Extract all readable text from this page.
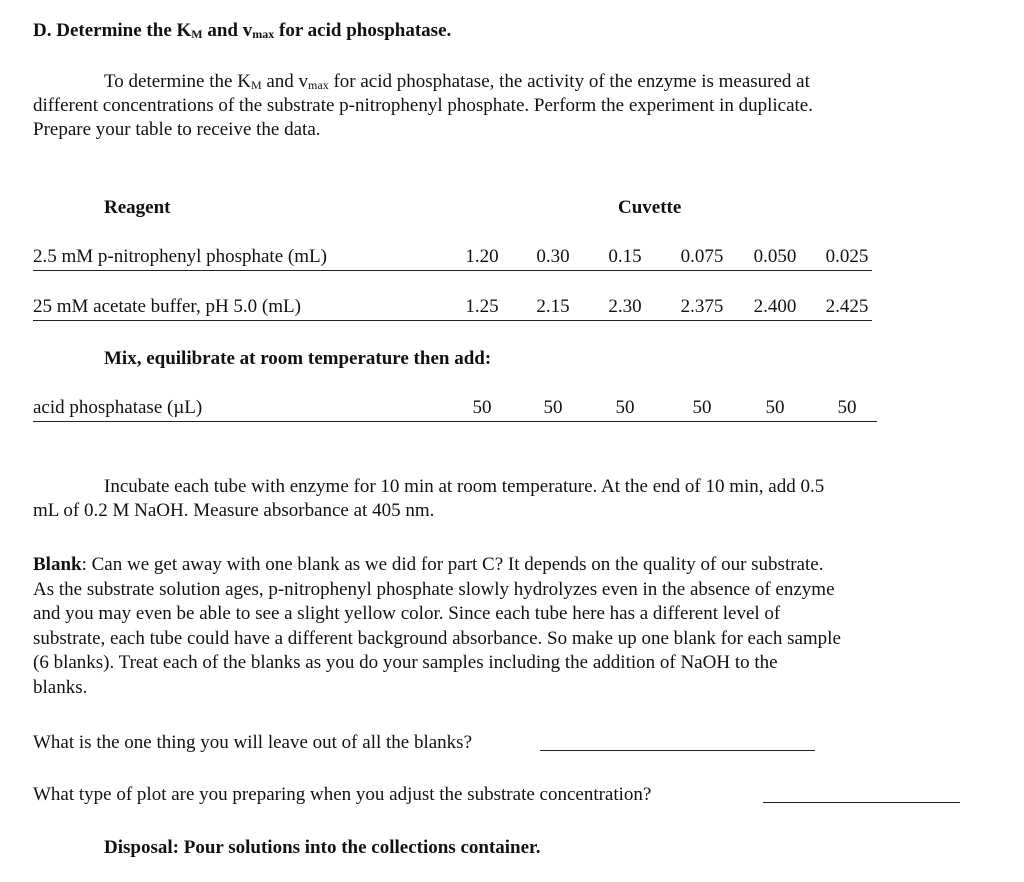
D. Determine the $K_M$ and $v_{max}$ for acid phosphatase.
To determine the $K_M$ and $v_{max}$ for acid phosphatase, the activity of the enzyme is measured at
different concentrations of the substrate p-nitrophenyl phosphate. Perform the experiment in duplicate.
Prepare your table to receive the data.
Reagent	Cuvette
2.5 mM p-nitrophenyl phosphate (mL)	1.20	0.30	0.15	0.075	0.050	0.025
25 mM acetate buffer, pH 5.0 (mL)	1.25	2.15	2.30	2.375	2.400	2.425
Mix, equilibrate at room temperature then add:
acid phosphatase (µL)	50	50	50	50	50	50
Incubate each tube with enzyme for 10 min at room temperature. At the end of 10 min, add 0.5
mL of 0.2 M NaOH. Measure absorbance at 405 nm.
Blank: Can we get away with one blank as we did for part C? It depends on the quality of our substrate.
As the substrate solution ages, p-nitrophenyl phosphate slowly hydrolyzes even in the absence of enzyme
and you may even be able to see a slight yellow color. Since each tube here has a different level of
substrate, each tube could have a different background absorbance. So make up one blank for each sample
(6 blanks). Treat each of the blanks as you do your samples including the addition of NaOH to the
blanks.
What is the one thing you will leave out of all the blanks?
What type of plot are you preparing when you adjust the substrate concentration?
Disposal: Pour solutions into the collections container.
